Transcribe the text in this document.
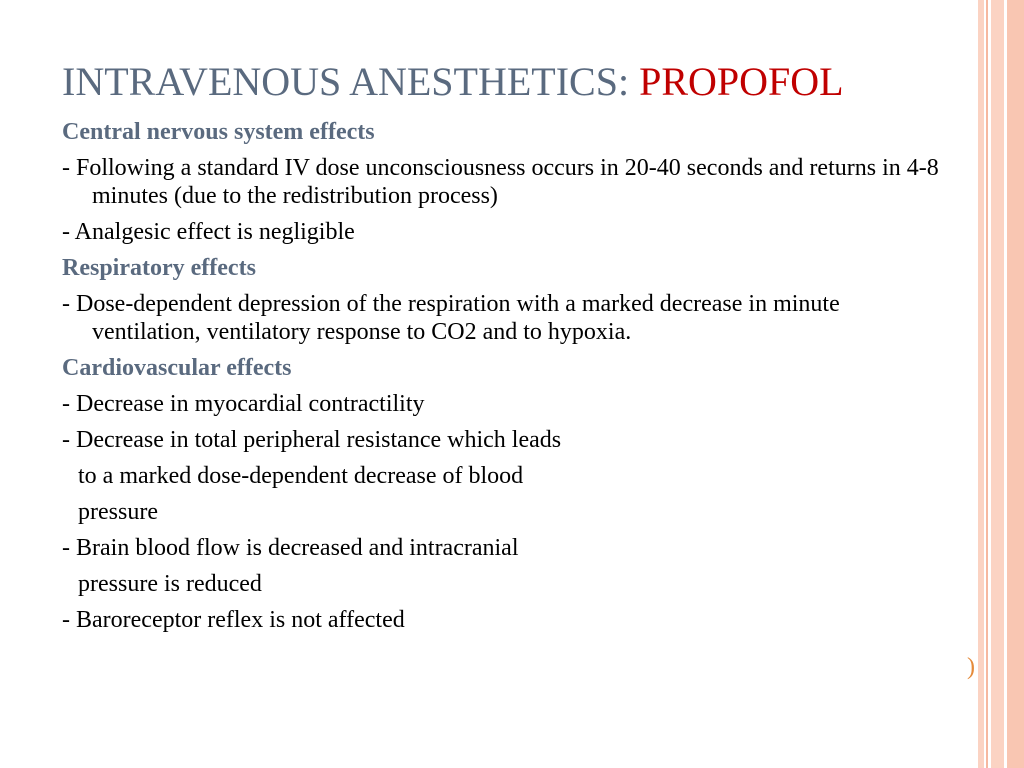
INTRAVENOUS ANESTHETICS: PROPOFOL

Central nervous system effects

- Following a standard IV dose unconsciousness occurs in 20-40 seconds and returns in 4-8 minutes (due to the redistribution process)

- Analgesic effect is negligible

Respiratory effects

- Dose-dependent depression of the respiration with a marked decrease in minute ventilation, ventilatory response to CO2 and to hypoxia.

Cardiovascular effects

- Decrease in myocardial contractility

- Decrease in total peripheral resistance which leads

to a marked dose-dependent decrease of blood

pressure

- Brain blood flow is decreased and intracranial

pressure is reduced

- Baroreceptor reflex is not affected

)
